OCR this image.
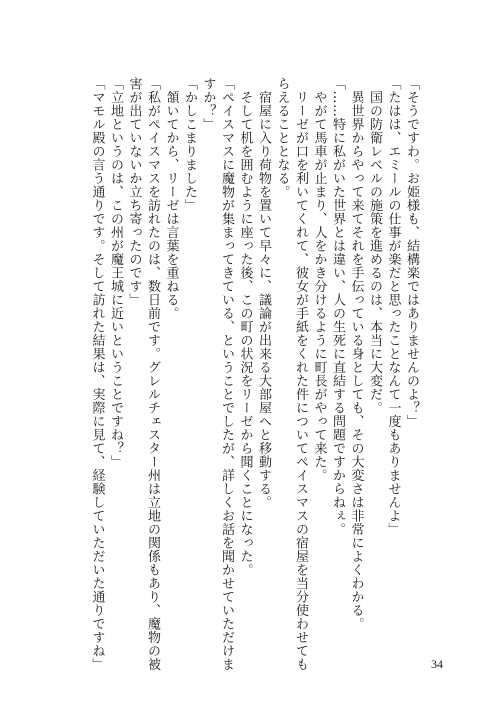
「そうですわ。お姫様も、結構楽ではありませんのよ？」
「たはは、エミールの仕事が楽だと思ったことなんて一度もありませんよ」
　国の防衛レベルの施策を進めるのは、本当に大変だ。
　異世界からやって来てそれを手伝っている身としても、その大変さは非常によくわかる。
「……特に私がいた世界とは違い、人の生死に直結する問題ですからねぇ。
　やがて馬車が止まり、人をかき分けるように町長がやって来た。
　リーゼが口を利いてくれて、彼女が手紙をくれた件についてペイスマスの宿屋を当分使わせても
らえることとなる。
　宿屋に入り荷物を置いて早々に、議論が出来る大部屋へと移動する。
　そして机を囲むように座った後、この町の状況をリーゼから聞くことになった。
「ペイスマスに魔物が集まってきている、ということでしたが、詳しくお話を聞かせていただけま
すか？」
「かしこまりました」
　頷いてから、リーゼは言葉を重ねる。
「私がペイスマスを訪れたのは、数日前です。グレルチェスター州は立地の関係もあり、魔物の被
害が出ていないか立ち寄ったのです」
「立地というのは、この州が魔王城に近いということですね？」
「マモル殿の言う通りです。そして訪れた結果は、実際に見て、経験していただいた通りですね」	34
